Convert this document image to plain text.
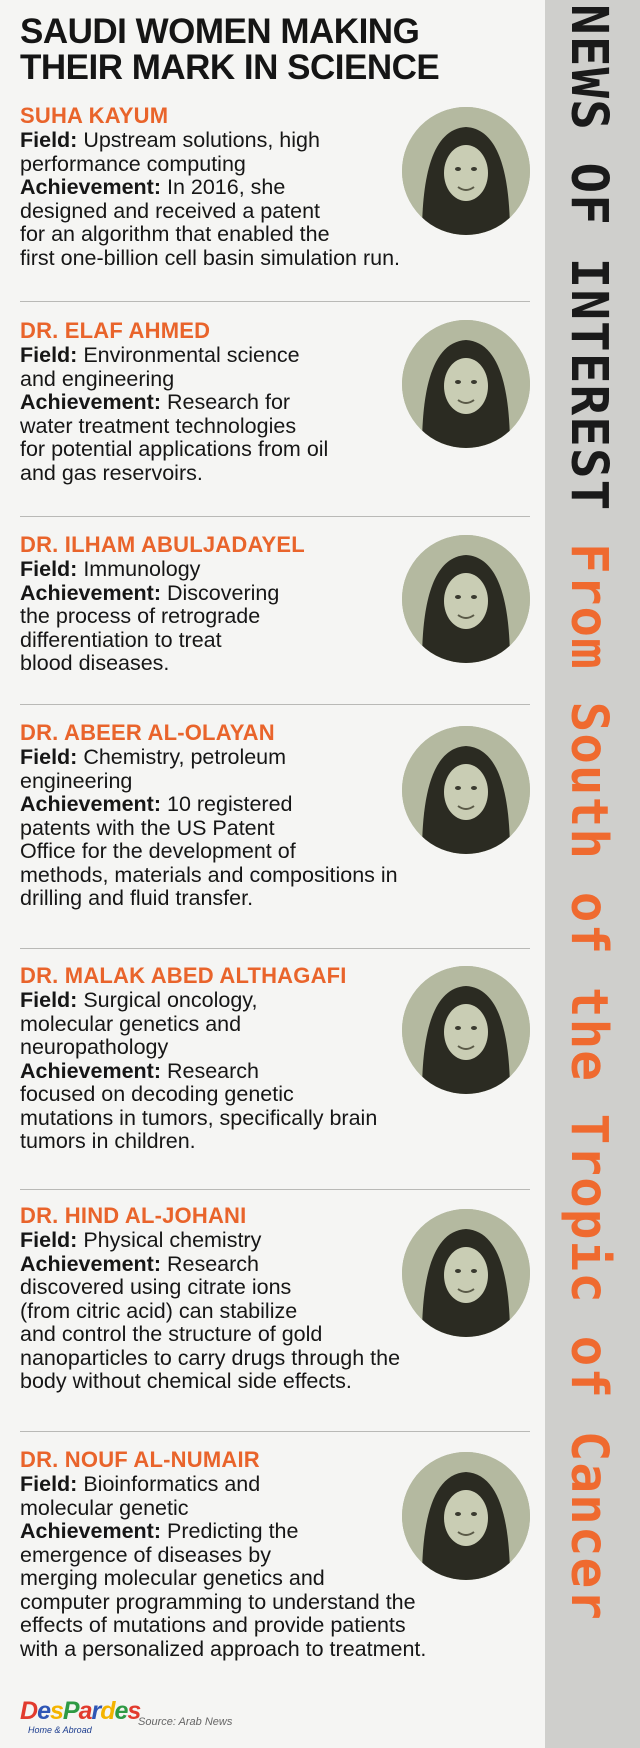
SAUDI WOMEN MAKING
THEIR MARK IN SCIENCE
SUHA KAYUM
Field: Upstream solutions, high
performance computing
Achievement: In 2016, she
designed and received a patent
for an algorithm that enabled the
first one-billion cell basin simulation run.
DR. ELAF AHMED
Field: Environmental science
and engineering
Achievement: Research for
water treatment technologies
for potential applications from oil
and gas reservoirs.
DR. ILHAM ABULJADAYEL
Field: Immunology
Achievement: Discovering
the process of retrograde
differentiation to treat
blood diseases.
DR. ABEER AL-OLAYAN
Field: Chemistry, petroleum
engineering
Achievement: 10 registered
patents with the US Patent
Office for the development of
methods, materials and compositions in
drilling and fluid transfer.
DR. MALAK ABED ALTHAGAFI
Field: Surgical oncology,
molecular genetics and
neuropathology
Achievement: Research
focused on decoding genetic
mutations in tumors, specifically brain
tumors in children.
DR. HIND AL-JOHANI
Field: Physical chemistry
Achievement: Research
discovered using citrate ions
(from citric acid) can stabilize
and control the structure of gold
nanoparticles to carry drugs through the
body without chemical side effects.
DR. NOUF AL-NUMAIR
Field: Bioinformatics and
molecular genetic
Achievement: Predicting the
emergence of diseases by
merging molecular genetics and
computer programming to understand the
effects of mutations and provide patients
with a personalized approach to treatment.
DesPardes
Home & Abroad
Source: Arab News
NEWS OF INTEREST From South of the Tropic of Cancer
